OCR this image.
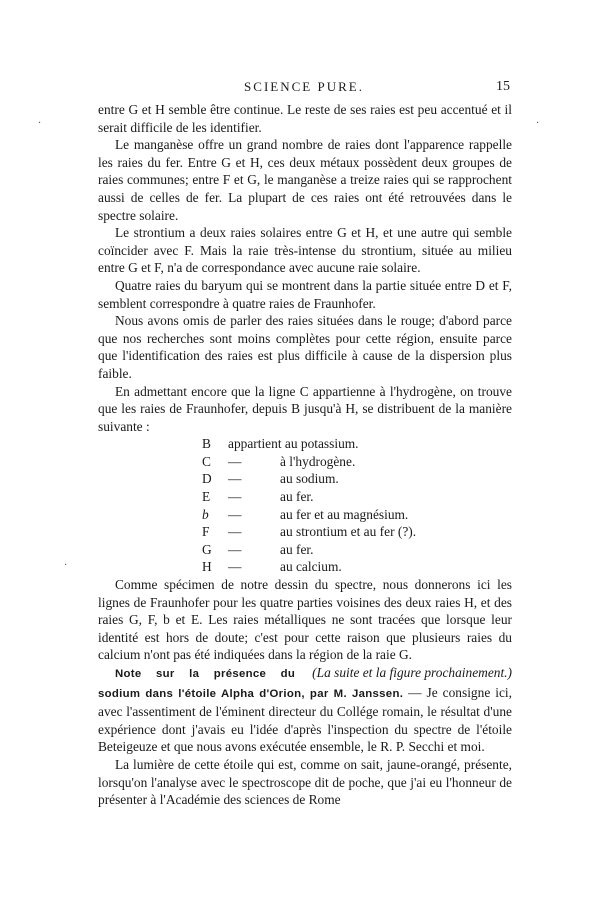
SCIENCE PURE.	15

entre G et H semble être continue. Le reste de ses raies est peu accentué et il serait difficile de les identifier.

Le manganèse offre un grand nombre de raies dont l'apparence rappelle les raies du fer. Entre G et H, ces deux métaux possèdent deux groupes de raies communes; entre F et G, le manganèse a treize raies qui se rapprochent aussi de celles de fer. La plupart de ces raies ont été retrouvées dans le spectre solaire.

Le strontium a deux raies solaires entre G et H, et une autre qui semble coïncider avec F. Mais la raie très-intense du strontium, située au milieu entre G et F, n'a de correspondance avec aucune raie solaire.

Quatre raies du baryum qui se montrent dans la partie située entre D et F, semblent correspondre à quatre raies de Fraunhofer.

Nous avons omis de parler des raies situées dans le rouge; d'abord parce que nos recherches sont moins complètes pour cette région, ensuite parce que l'identification des raies est plus difficile à cause de la dispersion plus faible.

En admettant encore que la ligne C appartienne à l'hydrogène, on trouve que les raies de Fraunhofer, depuis B jusqu'à H, se distribuent de la manière suivante :

B	appartient au potassium.
C	—	à l'hydrogène.
D	—	au sodium.
E	—	au fer.
b	—	au fer et au magnésium.
F	—	au strontium et au fer (?).
G	—	au fer.
H	—	au calcium.

Comme spécimen de notre dessin du spectre, nous donnerons ici les lignes de Fraunhofer pour les quatre parties voisines des deux raies H, et des raies G, F, b et E. Les raies métalliques ne sont tracées que lorsque leur identité est hors de doute; c'est pour cette raison que plusieurs raies du calcium n'ont pas été indiquées dans la région de la raie G.
(La suite et la figure prochainement.)

Note sur la présence du sodium dans l'étoile Alpha d'Orion, par M. Janssen. — Je consigne ici, avec l'assentiment de l'éminent directeur du Collége romain, le résultat d'une expérience dont j'avais eu l'idée d'après l'inspection du spectre de l'étoile Beteigeuze et que nous avons exécutée ensemble, le R. P. Secchi et moi.

La lumière de cette étoile qui est, comme on sait, jaune-orangé, présente, lorsqu'on l'analyse avec le spectroscope dit de poche, que j'ai eu l'honneur de présenter à l'Académie des sciences de Rome

·	·
·
